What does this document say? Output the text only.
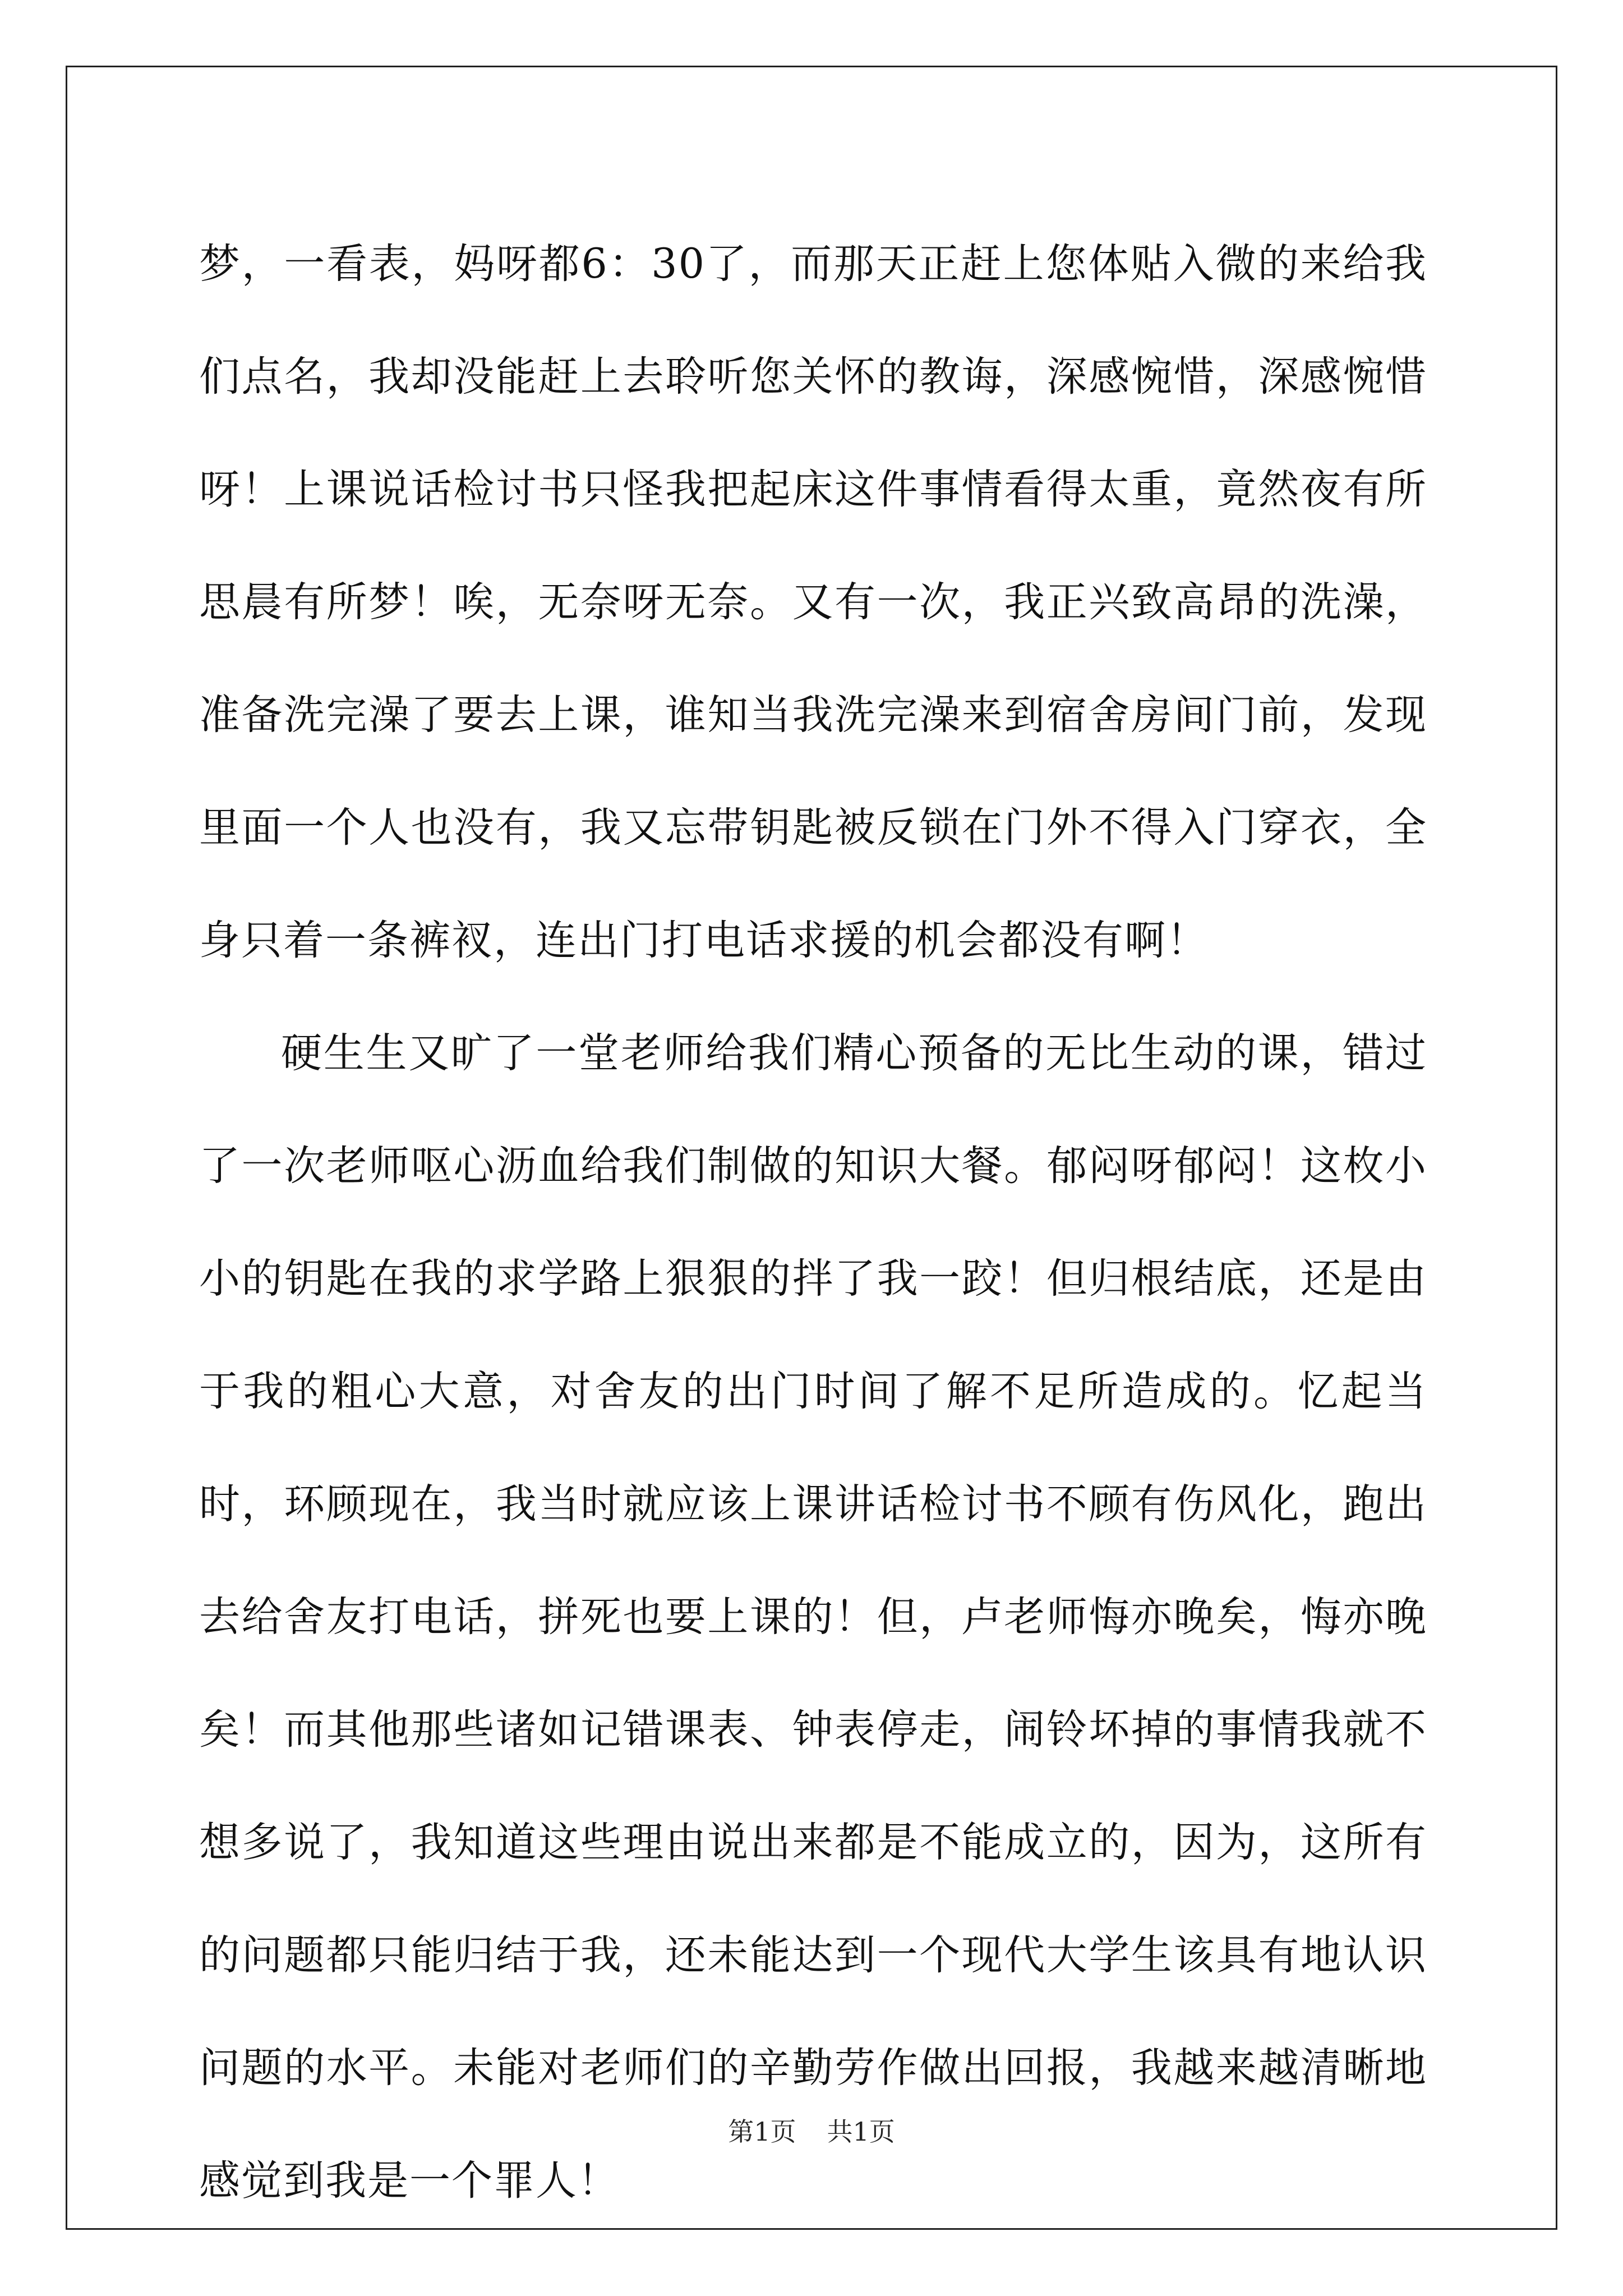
梦，一看表，妈呀都6：30了，而那天正赶上您体贴入微的来给我们点名，我却没能赶上去聆听您关怀的教诲，深感惋惜，深感惋惜呀！上课说话检讨书只怪我把起床这件事情看得太重，竟然夜有所思晨有所梦！唉，无奈呀无奈。又有一次，我正兴致高昂的洗澡，准备洗完澡了要去上课，谁知当我洗完澡来到宿舍房间门前，发现里面一个人也没有，我又忘带钥匙被反锁在门外不得入门穿衣，全身只着一条裤衩，连出门打电话求援的机会都没有啊！

硬生生又旷了一堂老师给我们精心预备的无比生动的课，错过了一次老师呕心沥血给我们制做的知识大餐。郁闷呀郁闷！这枚小小的钥匙在我的求学路上狠狠的拌了我一跤！但归根结底，还是由于我的粗心大意，对舍友的出门时间了解不足所造成的。忆起当时，环顾现在，我当时就应该上课讲话检讨书不顾有伤风化，跑出去给舍友打电话，拼死也要上课的！但，卢老师悔亦晚矣，悔亦晚矣！而其他那些诸如记错课表、钟表停走，闹铃坏掉的事情我就不想多说了，我知道这些理由说出来都是不能成立的，因为，这所有的问题都只能归结于我，还未能达到一个现代大学生该具有地认识问题的水平。未能对老师们的辛勤劳作做出回报，我越来越清晰地感觉到我是一个罪人！

第1页 共1页
